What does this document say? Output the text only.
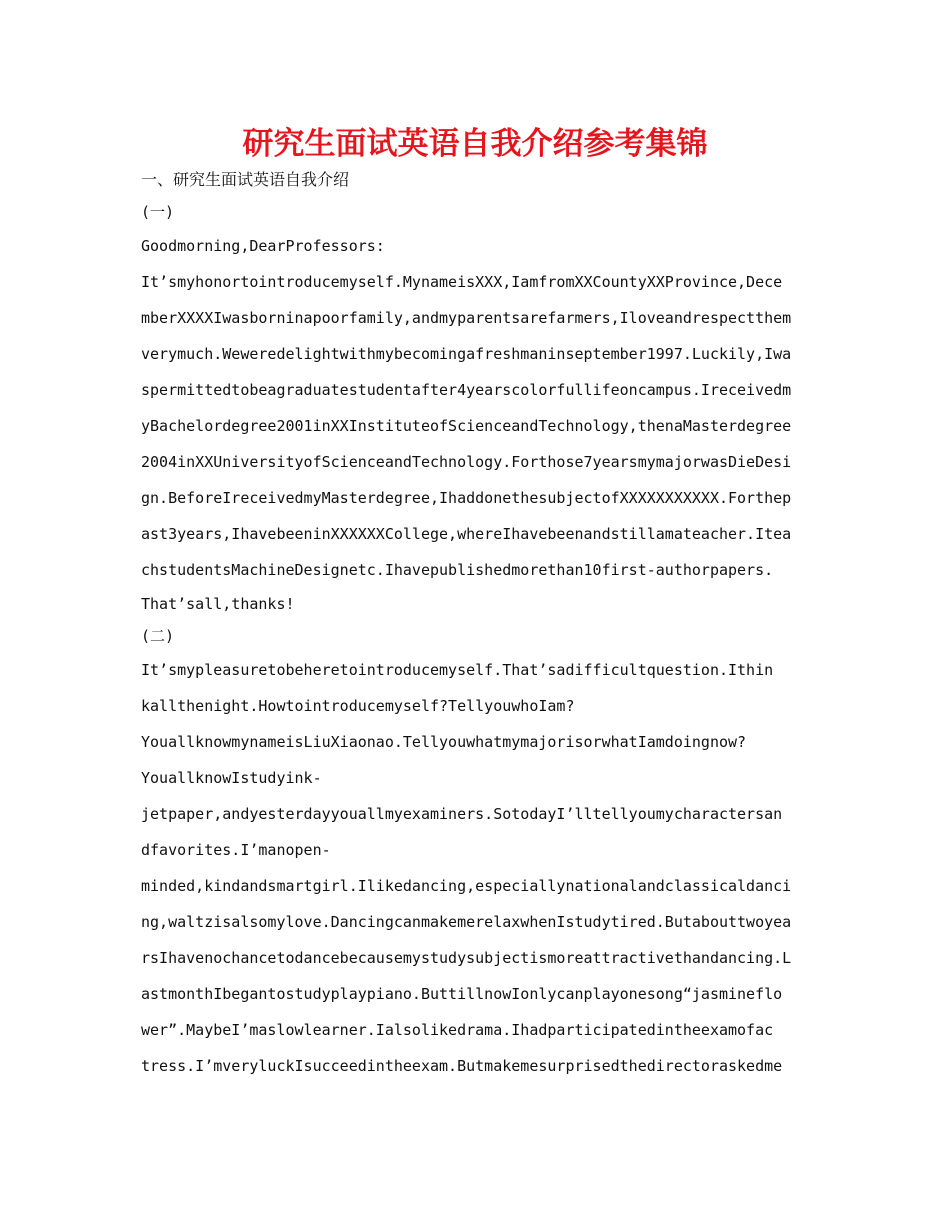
研究生面试英语自我介绍参考集锦
一、研究生面试英语自我介绍
(一)
Goodmorning,DearProfessors:
It’smyhonortointroducemyself.MynameisXXX,IamfromXXCountyXXProvince,Dece
mberXXXXIwasborninapoorfamily,andmyparentsarefarmers,Iloveandrespectthem
verymuch.Weweredelightwithmybecomingafreshmaninseptember1997.Luckily,Iwa
spermittedtobeagraduatestudentafter4yearscolorfullifeoncampus.Ireceivedm
yBachelordegree2001inXXInstituteofScienceandTechnology,thenaMasterdegree
2004inXXUniversityofScienceandTechnology.Forthose7yearsmymajorwasDieDesi
gn.BeforeIreceivedmyMasterdegree,IhaddonethesubjectofXXXXXXXXXXX.Forthep
ast3years,IhavebeeninXXXXXXCollege,whereIhavebeenandstillamateacher.Itea
chstudentsMachineDesignetc.Ihavepublishedmorethan10first-authorpapers.
That’sall,thanks!
(二)
It’smypleasuretobeheretointroducemyself.That’sadifficultquestion.Ithin
kallthenight.Howtointroducemyself?TellyouwhoIam?
YouallknowmynameisLiuXiaonao.TellyouwhatmymajorisorwhatIamdoingnow?
YouallknowIstudyink-
jetpaper,andyesterdayyouallmyexaminers.SotodayI’lltellyoumycharactersan
dfavorites.I’manopen-
minded,kindandsmartgirl.Ilikedancing,especiallynationalandclassicaldanci
ng,waltzisalsomylove.DancingcanmakemerelaxwhenIstudytired.Butabouttwoyea
rsIhavenochancetodancebecausemystudysubjectismoreattractivethandancing.L
astmonthIbegantostudyplaypiano.ButtillnowIonlycanplayonesong“jasmineflo
wer”.MaybeI’maslowlearner.Ialsolikedrama.Ihadparticipatedintheexamofac
tress.I’mveryluckIsucceedintheexam.Butmakemesurprisedthedirectoraskedme
